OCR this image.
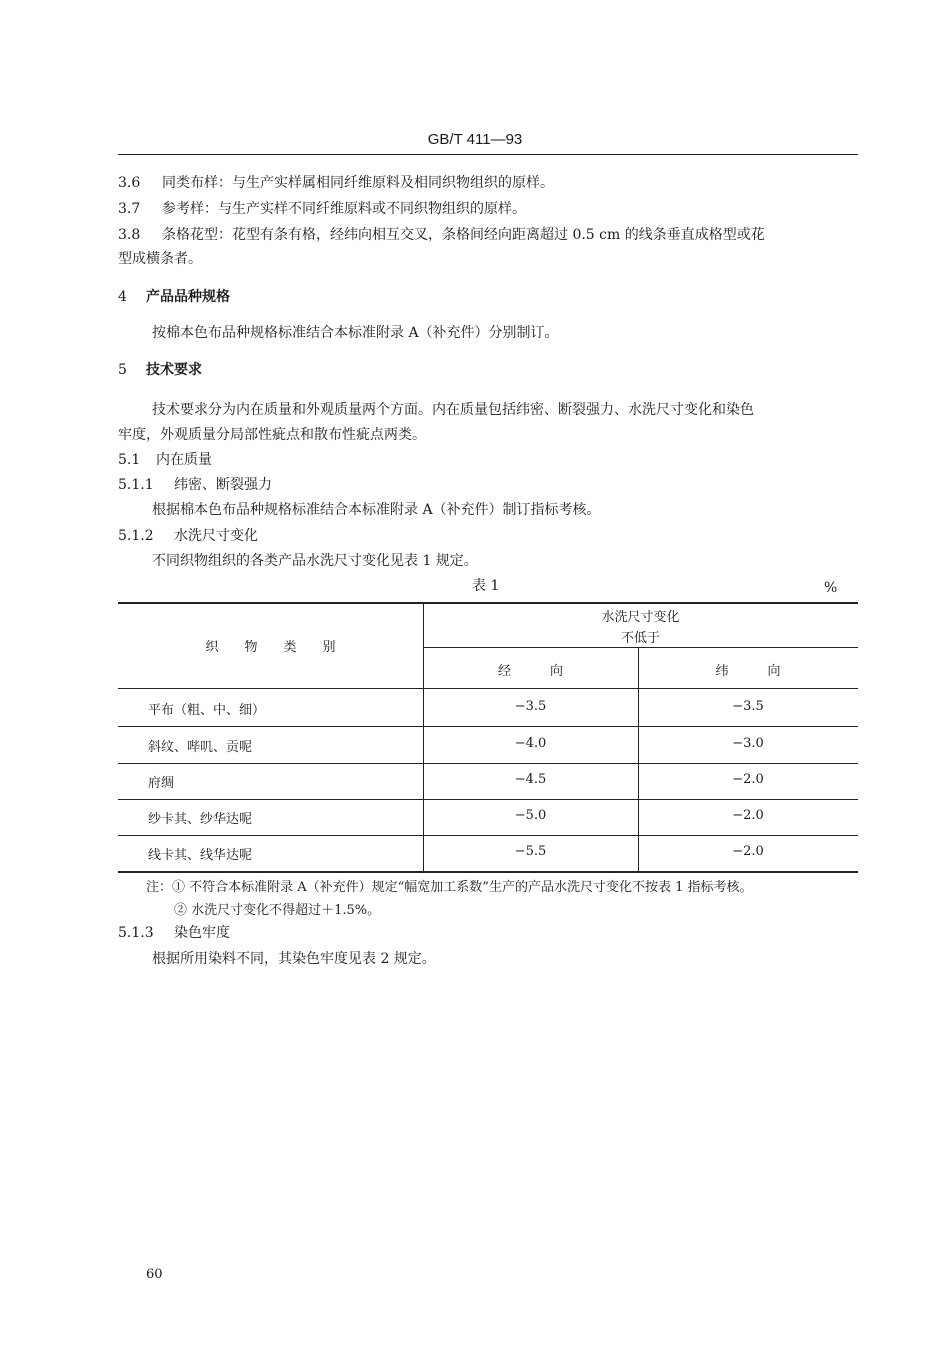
GB/T 411—93
3.6 同类布样：与生产实样属相同纤维原料及相同织物组织的原样。
3.7 参考样：与生产实样不同纤维原料或不同织物组织的原样。
3.8 条格花型：花型有条有格，经纬向相互交叉，条格间经向距离超过 0.5 cm 的线条垂直成格型或花
型成横条者。
4 产品品种规格
按棉本色布品种规格标准结合本标准附录 A（补充件）分别制订。
5 技术要求
技术要求分为内在质量和外观质量两个方面。内在质量包括纬密、断裂强力、水洗尺寸变化和染色
牢度，外观质量分局部性疵点和散布性疵点两类。
5.1 内在质量
5.1.1 纬密、断裂强力
根据棉本色布品种规格标准结合本标准附录 A（补充件）制订指标考核。
5.1.2 水洗尺寸变化
不同织物组织的各类产品水洗尺寸变化见表 1 规定。
表 1	%
织　　物　　类　　别
水洗尺寸变化
不低于
经　　　向	纬　　　向
平布（粗、中、细）	−3.5	−3.5
斜纹、哔叽、贡呢	−4.0	−3.0
府绸	−4.5	−2.0
纱卡其、纱华达呢	−5.0	−2.0
线卡其、线华达呢	−5.5	−2.0
注：① 不符合本标准附录 A（补充件）规定“幅宽加工系数”生产的产品水洗尺寸变化不按表 1 指标考核。
② 水洗尺寸变化不得超过＋1.5%。
5.1.3 染色牢度
根据所用染料不同，其染色牢度见表 2 规定。
60
